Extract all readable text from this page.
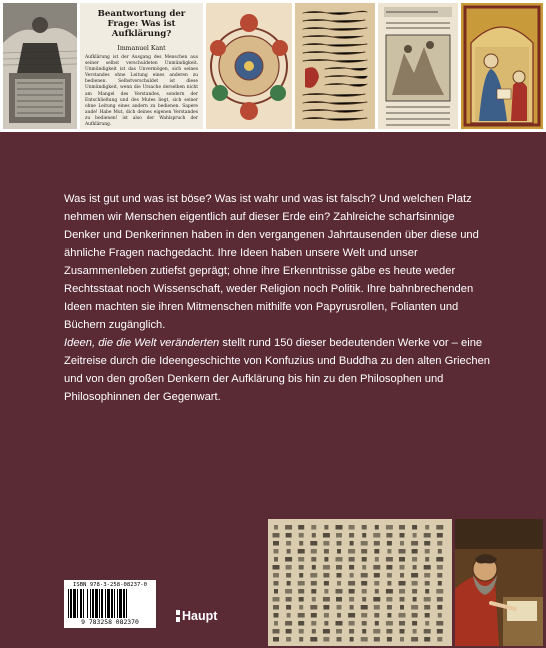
Beantwortung der Frage: Was ist Aufklärung?
Immanuel Kant
Aufklärung ist der Ausgang des Menschen aus seiner selbst verschuldeten Unmündigkeit. Unmündigkeit ist das Unvermögen, sich seines Verstandes ohne Leitung eines anderen zu bedienen. Selbstverschuldet ist diese Unmündigkeit, wenn die Ursache derselben nicht am Mangel des Verstandes, sondern der Entschließung und des Mutes liegt, sich seiner ohne Leitung eines andern zu bedienen. Sapere aude! Habe Mut, dich deines eigenen Verstandes zu bedienen! ist also der Wahlspruch der Aufklärung.

Was ist gut und was ist böse? Was ist wahr und was ist falsch? Und welchen Platz nehmen wir Menschen eigentlich auf dieser Erde ein? Zahlreiche scharfsinnige Denker und Denkerinnen haben in den vergangenen Jahrtausenden über diese und ähnliche Fragen nachgedacht. Ihre Ideen haben unsere Welt und unser Zusammenleben zutiefst geprägt; ohne ihre Erkenntnisse gäbe es heute weder Rechtsstaat noch Wissenschaft, weder Religion noch Politik. Ihre bahnbrechenden Ideen machten sie ihren Mitmenschen mithilfe von Papyrusrollen, Folianten und Büchern zugänglich.

Ideen, die die Welt veränderten stellt rund 150 dieser bedeutenden Werke vor – eine Zeitreise durch die Ideengeschichte von Konfuzius und Buddha zu den alten Griechen und von den großen Denkern der Aufklärung bis hin zu den Philosophen und Philosophinnen der Gegenwart.

ISBN 978-3-258-08237-0
9 783258 082370	Haupt
